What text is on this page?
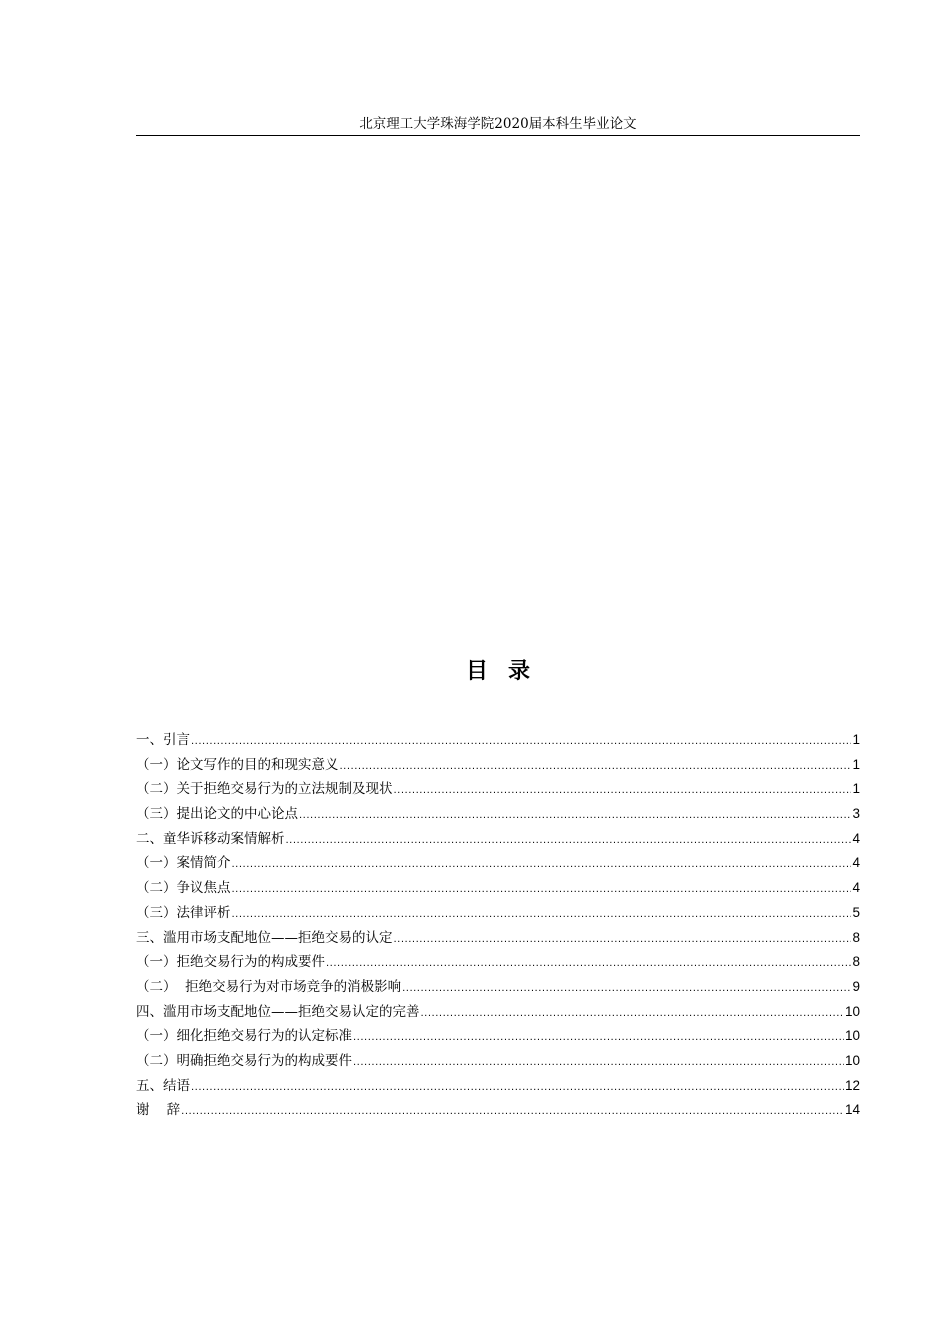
北京理工大学珠海学院2020届本科生毕业论文
目录
一、引言 .....	1
（一）论文写作的目的和现实意义 .....	1
（二）关于拒绝交易行为的立法规制及现状 .....	1
（三）提出论文的中心论点 .....	3
二、童华诉移动案情解析 .....	4
（一）案情简介 .....	4
（二）争议焦点 .....	4
（三）法律评析 .....	5
三、滥用市场支配地位——拒绝交易的认定 .....	8
（一）拒绝交易行为的构成要件 .....	8
（二）  拒绝交易行为对市场竞争的消极影响 .....	9
四、滥用市场支配地位——拒绝交易认定的完善 .....	10
（一）细化拒绝交易行为的认定标准 .....	10
（二）明确拒绝交易行为的构成要件 .....	10
五、结语 .....	12
谢    辞 .....	14
